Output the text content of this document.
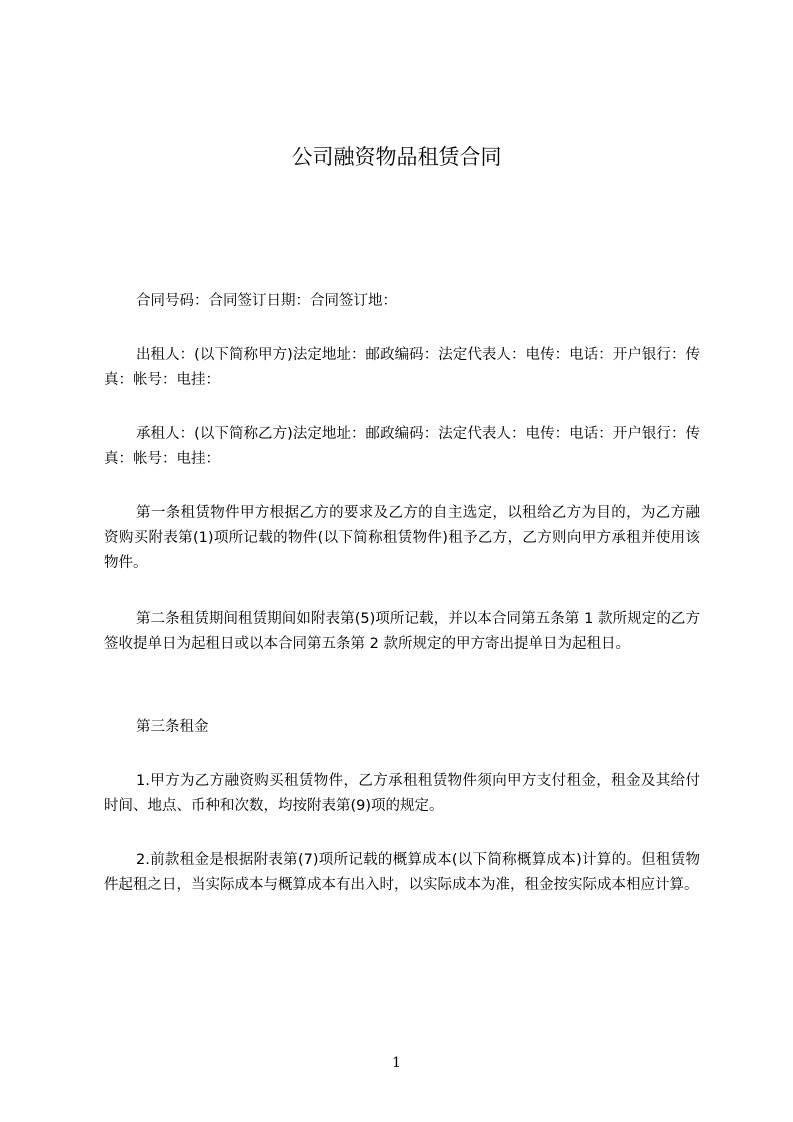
公司融资物品租赁合同
合同号码：合同签订日期：合同签订地：
出租人：(以下简称甲方)法定地址：邮政编码：法定代表人：电传：电话：开户银行：传真：帐号：电挂：
承租人：(以下简称乙方)法定地址：邮政编码：法定代表人：电传：电话：开户银行：传真：帐号：电挂：
第一条租赁物件甲方根据乙方的要求及乙方的自主选定，以租给乙方为目的，为乙方融资购买附表第(1)项所记载的物件(以下简称租赁物件)租予乙方，乙方则向甲方承租并使用该物件。
第二条租赁期间租赁期间如附表第(5)项所记载，并以本合同第五条第 1 款所规定的乙方签收提单日为起租日或以本合同第五条第 2 款所规定的甲方寄出提单日为起租日。
第三条租金
1.甲方为乙方融资购买租赁物件，乙方承租租赁物件须向甲方支付租金，租金及其给付时间、地点、币种和次数，均按附表第(9)项的规定。
2.前款租金是根据附表第(7)项所记载的概算成本(以下简称概算成本)计算的。但租赁物件起租之日，当实际成本与概算成本有出入时，以实际成本为准，租金按实际成本相应计算。
1
